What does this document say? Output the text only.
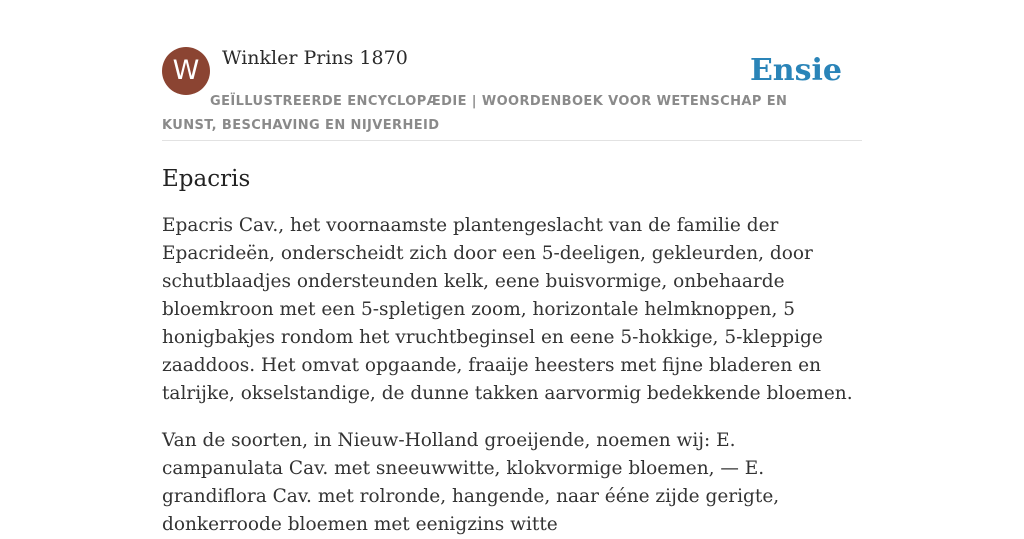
W	Winkler Prins 1870	Ensie

GEÏLLUSTREERDE ENCYCLOPÆDIE | WOORDENBOEK VOOR WETENSCHAP EN KUNST, BESCHAVING EN NIJVERHEID

Epacris

Epacris Cav., het voornaamste plantengeslacht van de familie der Epacrideën, onderscheidt zich door een 5-deeligen, gekleurden, door schutblaadjes ondersteunden kelk, eene buisvormige, onbehaarde bloemkroon met een 5-spletigen zoom, horizontale helmknoppen, 5 honigbakjes rondom het vruchtbeginsel en eene 5-hokkige, 5-kleppige zaaddoos. Het omvat opgaande, fraaije heesters met fijne bladeren en talrijke, okselstandige, de dunne takken aarvormig bedekkende bloemen.

Van de soorten, in Nieuw-Holland groeijende, noemen wij: E. campanulata Cav. met sneeuwwitte, klokvormige bloemen, — E. grandiflora Cav. met rolronde, hangende, naar ééne zijde gerigte, donkerroode bloemen met eenigzins witte
